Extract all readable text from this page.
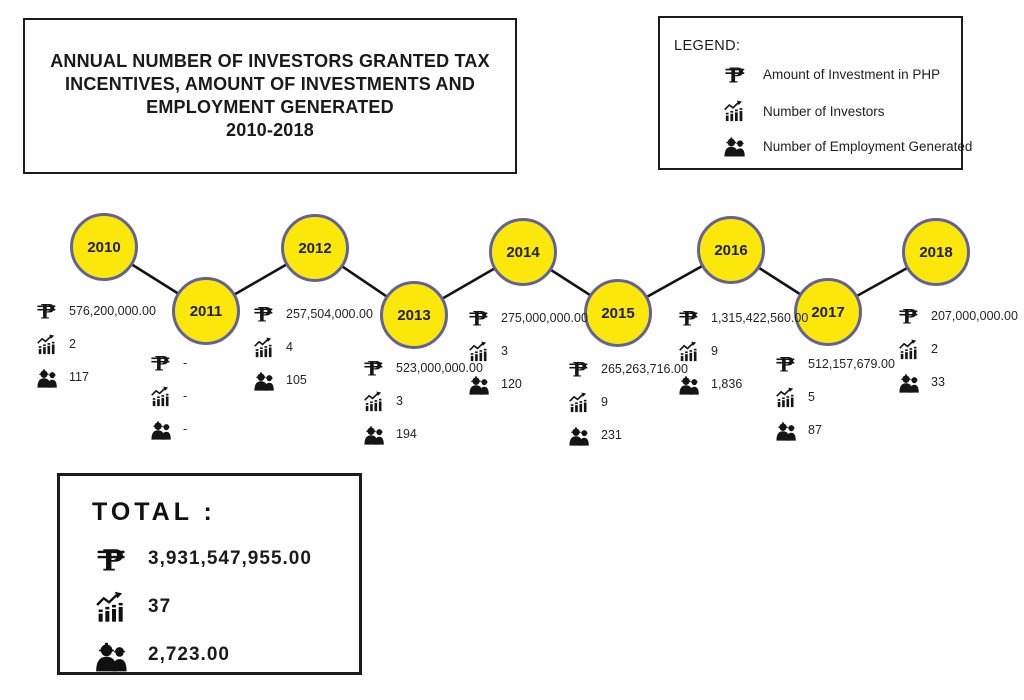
ANNUAL NUMBER OF INVESTORS GRANTED TAX
INCENTIVES, AMOUNT OF INVESTMENTS AND
EMPLOYMENT GENERATED
2010-2018
LEGEND:
Amount of Investment in PHP
Number of Investors
Number of Employment Generated
2010
2011
2012
2013
2014
2015
2016
2017
2018
576,200,000.00
2
117
-
-
-
257,504,000.00
4
105
523,000,000.00
3
194
275,000,000.00
3
120
265,263,716.00
9
231
1,315,422,560.00
9
1,836
512,157,679.00
5
87
207,000,000.00
2
33
TOTAL :
3,931,547,955.00
37
2,723.00
